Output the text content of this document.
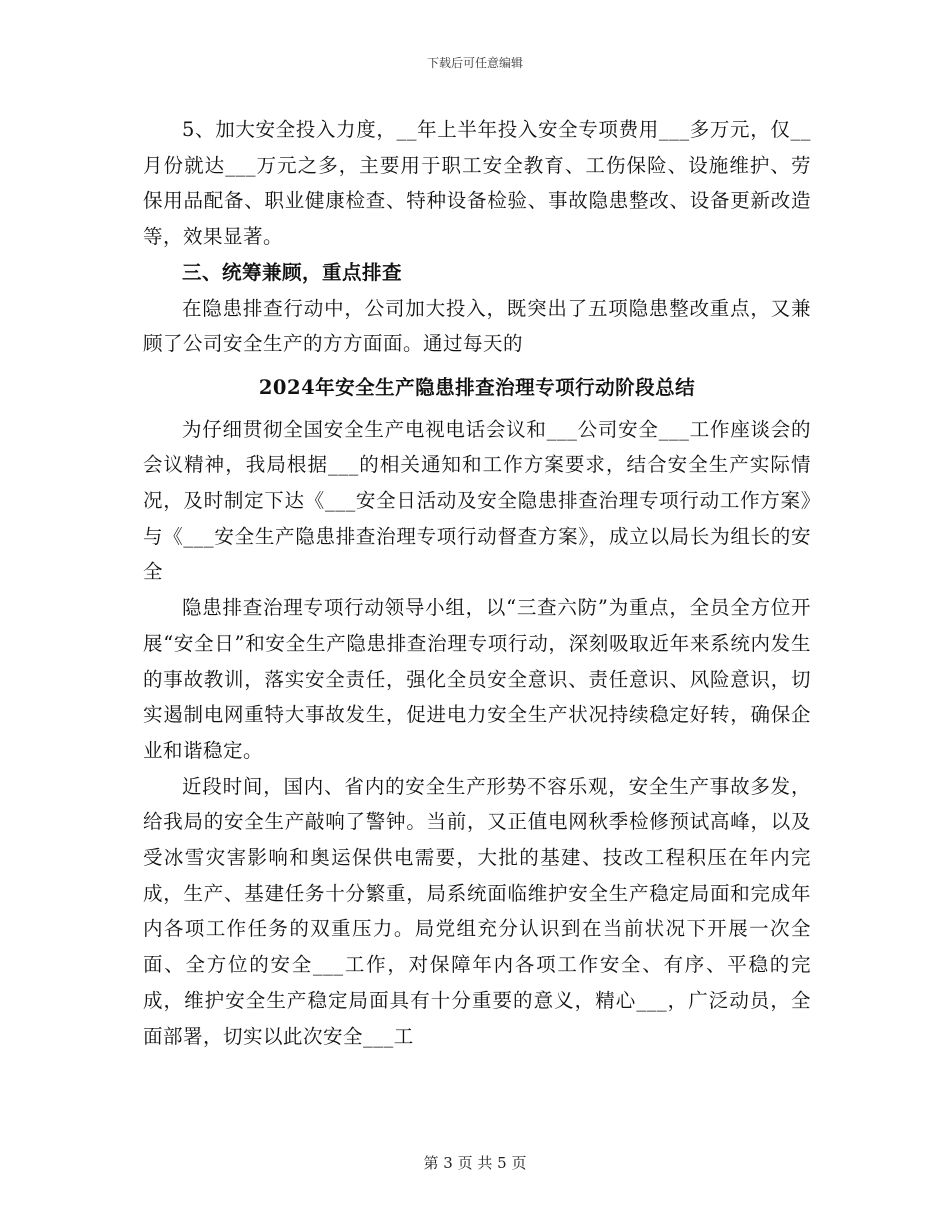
下载后可任意编辑

5、加大安全投入力度，__年上半年投入安全专项费用___多万元，仅__月份就达___万元之多，主要用于职工安全教育、工伤保险、设施维护、劳保用品配备、职业健康检查、特种设备检验、事故隐患整改、设备更新改造等，效果显著。

三、统筹兼顾，重点排查

在隐患排查行动中，公司加大投入，既突出了五项隐患整改重点，又兼顾了公司安全生产的方方面面。通过每天的

2024年安全生产隐患排查治理专项行动阶段总结

为仔细贯彻全国安全生产电视电话会议和___公司安全___工作座谈会的会议精神，我局根据___的相关通知和工作方案要求，结合安全生产实际情况，及时制定下达《___安全日活动及安全隐患排查治理专项行动工作方案》与《___安全生产隐患排查治理专项行动督查方案》，成立以局长为组长的安全

隐患排查治理专项行动领导小组，以“三查六防”为重点，全员全方位开展“安全日”和安全生产隐患排查治理专项行动，深刻吸取近年来系统内发生的事故教训，落实安全责任，强化全员安全意识、责任意识、风险意识，切实遏制电网重特大事故发生，促进电力安全生产状况持续稳定好转，确保企业和谐稳定。

近段时间，国内、省内的安全生产形势不容乐观，安全生产事故多发，给我局的安全生产敲响了警钟。当前，又正值电网秋季检修预试高峰，以及受冰雪灾害影响和奥运保供电需要，大批的基建、技改工程积压在年内完成，生产、基建任务十分繁重，局系统面临维护安全生产稳定局面和完成年内各项工作任务的双重压力。局党组充分认识到在当前状况下开展一次全面、全方位的安全___工作，对保障年内各项工作安全、有序、平稳的完成，维护安全生产稳定局面具有十分重要的意义，精心___，广泛动员，全面部署，切实以此次安全___工

第 3 页 共 5 页
